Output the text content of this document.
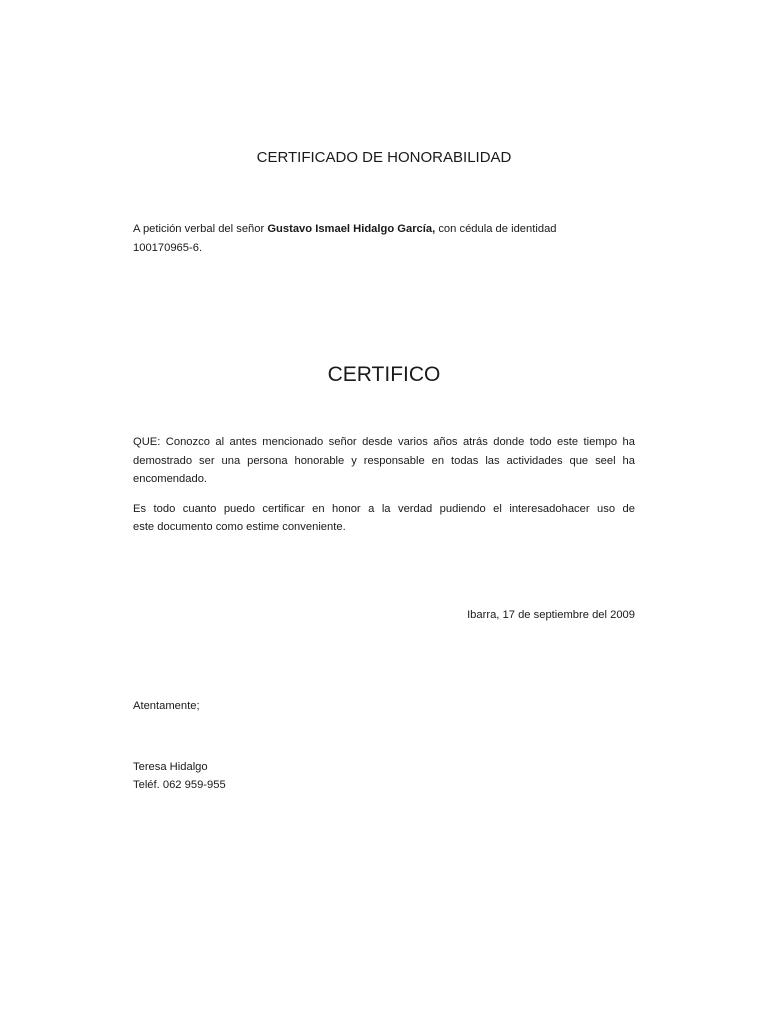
CERTIFICADO DE HONORABILIDAD
A petición verbal del señor Gustavo Ismael Hidalgo García, con cédula de identidad
100170965-6.
CERTIFICO
QUE: Conozco al antes mencionado señor desde varios años atrás donde todo este tiempo ha
demostrado ser una persona honorable y responsable en todas las actividades que seel ha
encomendado.
Es todo cuanto puedo certificar en honor a la verdad pudiendo el interesadohacer uso de
este documento como estime conveniente.
Ibarra, 17 de septiembre del 2009
Atentamente;
Teresa Hidalgo
Teléf. 062 959-955
